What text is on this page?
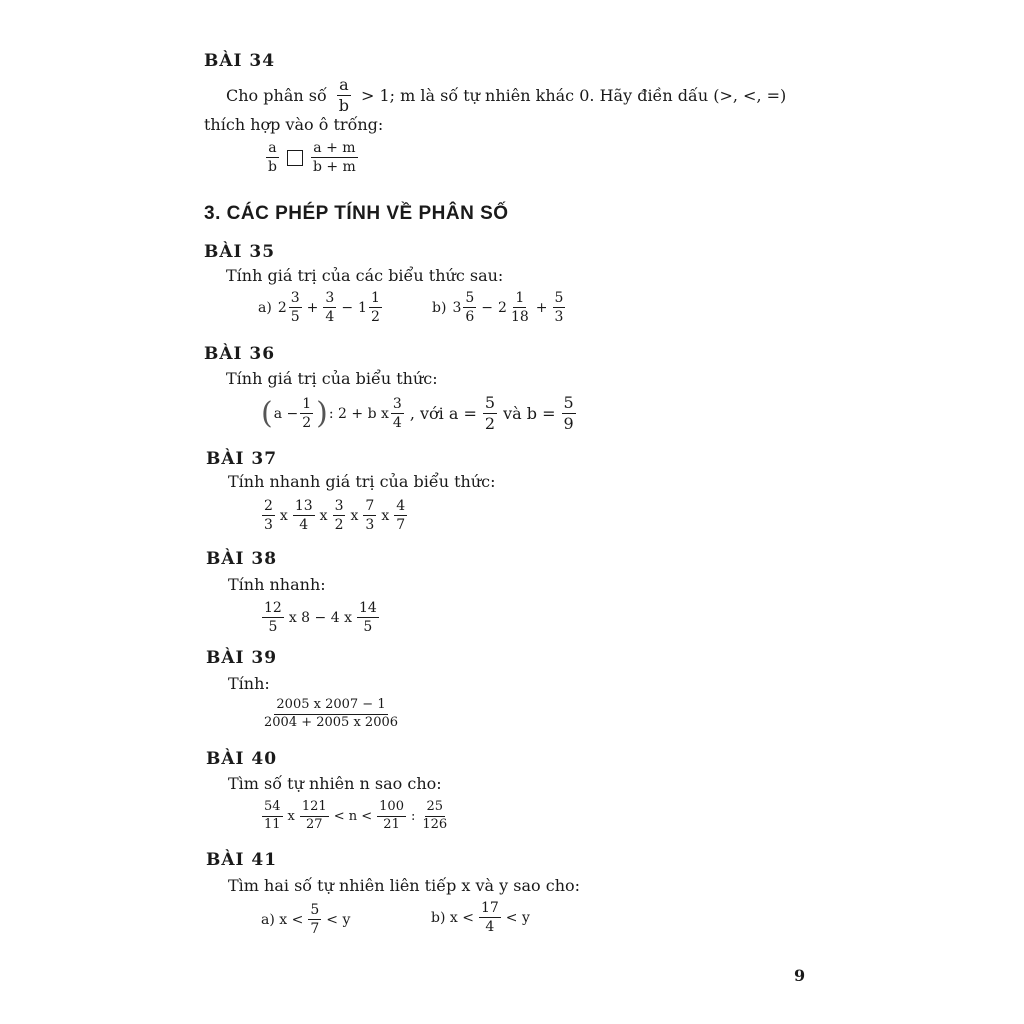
BÀI 34
Cho phân số $\frac{a}{b} > 1$; m là số tự nhiên khác 0. Hãy điền dấu (>, <, =)
thích hợp vào ô trống:
$\frac{a}{b} \frac{a + m}{b + m}$
3. CÁC PHÉP TÍNH VỀ PHÂN SỐ
BÀI 35
Tính giá trị của các biểu thức sau:
a) $2 \frac{3}{5} + \frac{3}{4} - 1 \frac{1}{2}$	b) $3 \frac{5}{6} - 2 \frac{1}{18} + \frac{5}{3}$
BÀI 36
Tính giá trị của biểu thức:
( $a - \frac{1}{2}$ ) : 2 + b x $\frac{3}{4}$ , với $a = \frac{5}{2}$ và $b = \frac{5}{9}$
BÀI 37
Tính nhanh giá trị của biểu thức:
$\frac{2}{3}$ x $\frac{13}{4}$ x $\frac{3}{2}$ x $\frac{7}{3}$ x $\frac{4}{7}$
BÀI 38
Tính nhanh:
$\frac{12}{5}$ x 8 − 4 x $\frac{14}{5}$
BÀI 39
Tính:
$\frac{2005 x 2007 - 1}{2004 + 2005 x 2006}$
BÀI 40
Tìm số tự nhiên n sao cho:
$\frac{54}{11}$ x $\frac{121}{27} < n < \frac{100}{21}$ : $\frac{25}{126}$
BÀI 41
Tìm hai số tự nhiên liên tiếp x và y sao cho:
a) $x < \frac{5}{7} < y$	b) $x < \frac{17}{4} < y$
9
